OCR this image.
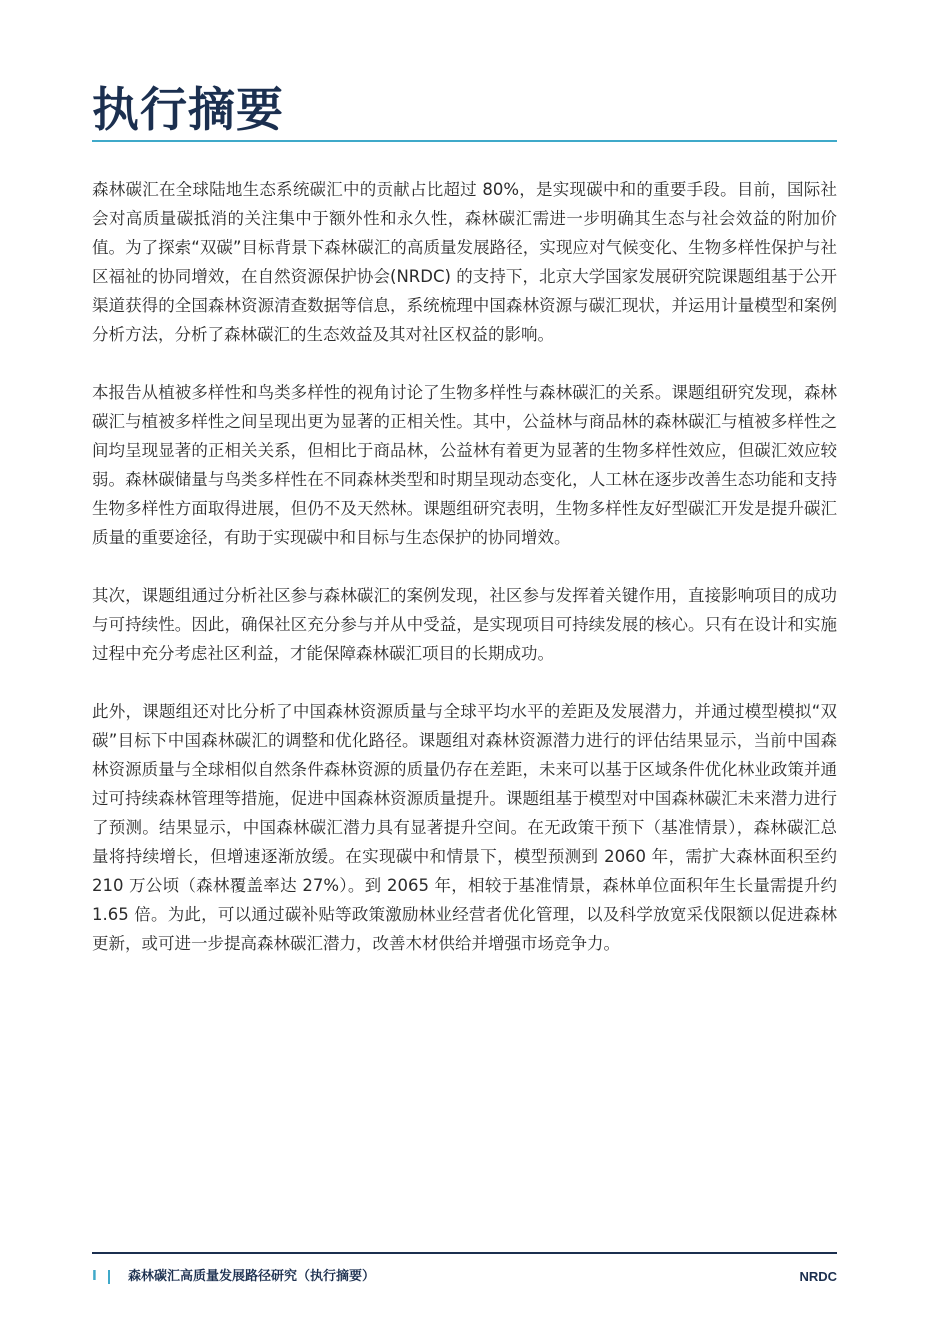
执行摘要

森林碳汇在全球陆地生态系统碳汇中的贡献占比超过 80%，是实现碳中和的重要手段。目前，国际社会对高质量碳抵消的关注集中于额外性和永久性，森林碳汇需进一步明确其生态与社会效益的附加价值。为了探索“双碳”目标背景下森林碳汇的高质量发展路径，实现应对气候变化、生物多样性保护与社区福祉的协同增效，在自然资源保护协会(NRDC) 的支持下，北京大学国家发展研究院课题组基于公开渠道获得的全国森林资源清查数据等信息，系统梳理中国森林资源与碳汇现状，并运用计量模型和案例分析方法，分析了森林碳汇的生态效益及其对社区权益的影响。

本报告从植被多样性和鸟类多样性的视角讨论了生物多样性与森林碳汇的关系。课题组研究发现，森林碳汇与植被多样性之间呈现出更为显著的正相关性。其中，公益林与商品林的森林碳汇与植被多样性之间均呈现显著的正相关关系，但相比于商品林，公益林有着更为显著的生物多样性效应，但碳汇效应较弱。森林碳储量与鸟类多样性在不同森林类型和时期呈现动态变化，人工林在逐步改善生态功能和支持生物多样性方面取得进展，但仍不及天然林。课题组研究表明，生物多样性友好型碳汇开发是提升碳汇质量的重要途径，有助于实现碳中和目标与生态保护的协同增效。

其次，课题组通过分析社区参与森林碳汇的案例发现，社区参与发挥着关键作用，直接影响项目的成功与可持续性。因此，确保社区充分参与并从中受益，是实现项目可持续发展的核心。只有在设计和实施过程中充分考虑社区利益，才能保障森林碳汇项目的长期成功。

此外，课题组还对比分析了中国森林资源质量与全球平均水平的差距及发展潜力，并通过模型模拟“双碳”目标下中国森林碳汇的调整和优化路径。课题组对森林资源潜力进行的评估结果显示，当前中国森林资源质量与全球相似自然条件森林资源的质量仍存在差距，未来可以基于区域条件优化林业政策并通过可持续森林管理等措施，促进中国森林资源质量提升。课题组基于模型对中国森林碳汇未来潜力进行了预测。结果显示，中国森林碳汇潜力具有显著提升空间。在无政策干预下（基准情景），森林碳汇总量将持续增长，但增速逐渐放缓。在实现碳中和情景下，模型预测到 2060 年，需扩大森林面积至约 210 万公顷（森林覆盖率达 27%）。到 2065 年，相较于基准情景，森林单位面积年生长量需提升约 1.65 倍。为此，可以通过碳补贴等政策激励林业经营者优化管理，以及科学放宽采伐限额以促进森林更新，或可进一步提高森林碳汇潜力，改善木材供给并增强市场竞争力。

I 森林碳汇高质量发展路径研究（执行摘要）	NRDC
